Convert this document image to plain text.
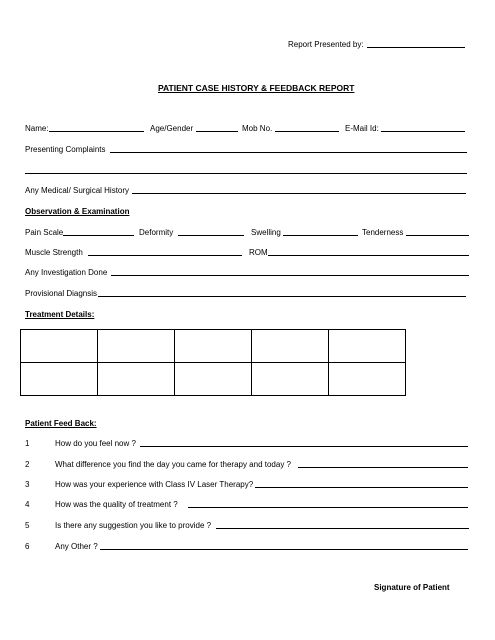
Report Presented by:
PATIENT CASE HISTORY & FEEDBACK REPORT
Name:	Age/Gender	Mob No.	E-Mail Id:
Presenting Complaints
Any Medical/ Surgical History
Observation & Examination
Pain Scale	Deformity	Swelling	Tenderness
Muscle Strength	ROM
Any Investigation Done
Provisional Diagnsis
Treatment Details:

Patient Feed Back:
1	How do you feel now ?
2	What difference you find the day you came for therapy and today ?
3	How was your experience with Class IV Laser Therapy?
4	How was the quality of treatment ?
5	Is there any suggestion you like to provide ?
6	Any Other ?
Signature of Patient
